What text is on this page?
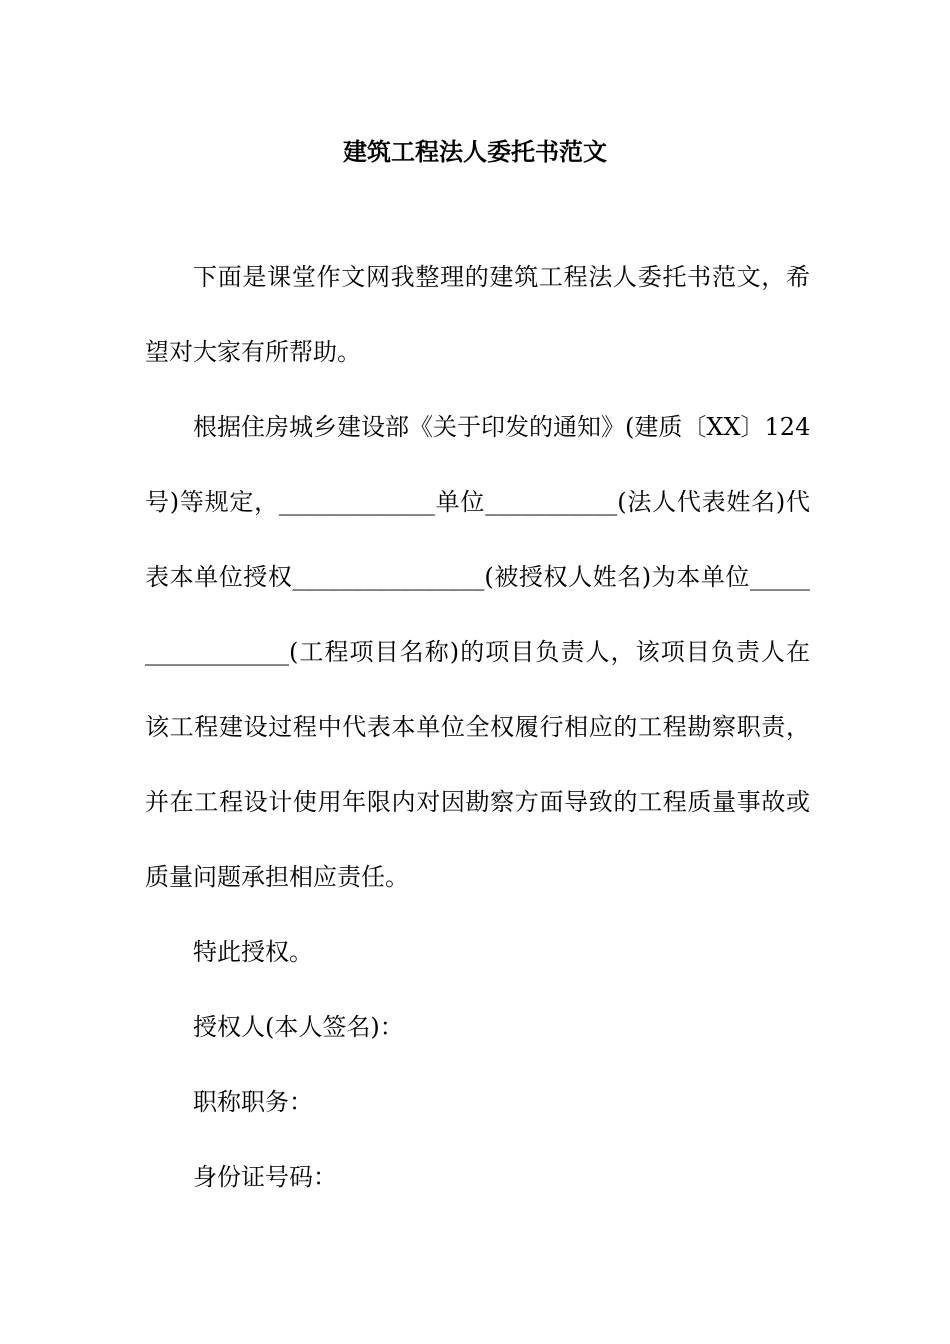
建筑工程法人委托书范文
下面是课堂作文网我整理的建筑工程法人委托书范文，希
望对大家有所帮助。
根据住房城乡建设部《关于印发的通知》(建质〔XX〕124
号)等规定，_____________单位___________(法人代表姓名)代
表本单位授权________________(被授权人姓名)为本单位_____
____________(工程项目名称)的项目负责人，该项目负责人在
该工程建设过程中代表本单位全权履行相应的工程勘察职责，
并在工程设计使用年限内对因勘察方面导致的工程质量事故或
质量问题承担相应责任。
特此授权。
授权人(本人签名)：
职称职务：
身份证号码：
